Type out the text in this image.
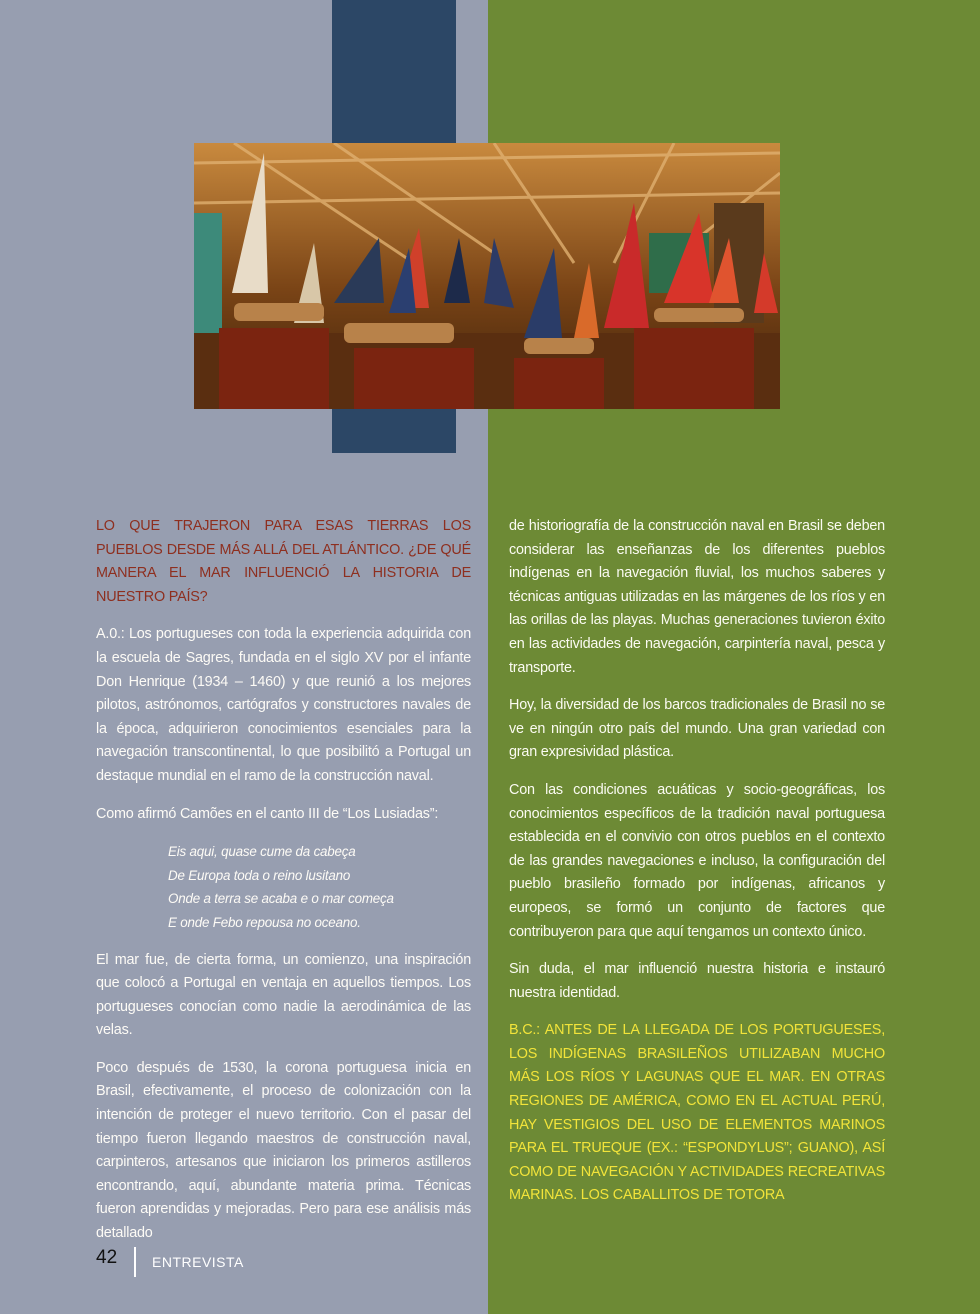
LO QUE TRAJERON PARA ESAS TIERRAS LOS PUEBLOS DESDE MÁS ALLÁ DEL ATLÁNTICO. ¿DE QUÉ MANERA EL MAR INFLUENCIÓ LA HISTORIA DE NUESTRO PAÍS?

A.0.: Los portugueses con toda la experiencia adquirida con la escuela de Sagres, fundada en el siglo XV por el infante Don Henrique (1934 – 1460) y que reunió a los mejores pilotos, astrónomos, cartógrafos y constructores navales de la época, adquirieron conocimientos esenciales para la navegación transcontinental, lo que posibilitó a Portugal un destaque mundial en el ramo de la construcción naval.

Como afirmó Camões en el canto III de “Los Lusiadas”:

Eis aqui, quase cume da cabeça
De Europa toda o reino lusitano
Onde a terra se acaba e o mar começa
E onde Febo repousa no oceano.

El mar fue, de cierta forma, un comienzo, una inspiración que colocó a Portugal en ventaja en aquellos tiempos. Los portugueses conocían como nadie la aerodinámica de las velas.

Poco después de 1530, la corona portuguesa inicia en Brasil, efectivamente, el proceso de colonización con la intención de proteger el nuevo territorio. Con el pasar del tiempo fueron llegando maestros de construcción naval, carpinteros, artesanos que iniciaron los primeros astilleros encontrando, aquí, abundante materia prima. Técnicas fueron aprendidas y mejoradas. Pero para ese análisis más detallado

de historiografía de la construcción naval en Brasil se deben considerar las enseñanzas de los diferentes pueblos indígenas en la navegación fluvial, los muchos saberes y técnicas antiguas utilizadas en las márgenes de los ríos y en las orillas de las playas. Muchas generaciones tuvieron éxito en las actividades de navegación, carpintería naval, pesca y transporte.

Hoy, la diversidad de los barcos tradicionales de Brasil no se ve en ningún otro país del mundo. Una gran variedad con gran expresividad plástica.

Con las condiciones acuáticas y socio-geográficas, los conocimientos específicos de la tradición naval portuguesa establecida en el convivio con otros pueblos en el contexto de las grandes navegaciones e incluso, la configuración del pueblo brasileño formado por indígenas, africanos y europeos, se formó un conjunto de factores que contribuyeron para que aquí tengamos un contexto único.

Sin duda, el mar influenció nuestra historia e instauró nuestra identidad.

B.C.: ANTES DE LA LLEGADA DE LOS PORTUGUESES, LOS INDÍGENAS BRASILEÑOS UTILIZABAN MUCHO MÁS LOS RÍOS Y LAGUNAS QUE EL MAR. EN OTRAS REGIONES DE AMÉRICA, COMO EN EL ACTUAL PERÚ, HAY VESTIGIOS DEL USO DE ELEMENTOS MARINOS PARA EL TRUEQUE (EX.: “ESPONDYLUS”; GUANO), ASÍ COMO DE NAVEGACIÓN Y ACTIVIDADES RECREATIVAS MARINAS. LOS CABALLITOS DE TOTORA

42 ENTREVISTA
